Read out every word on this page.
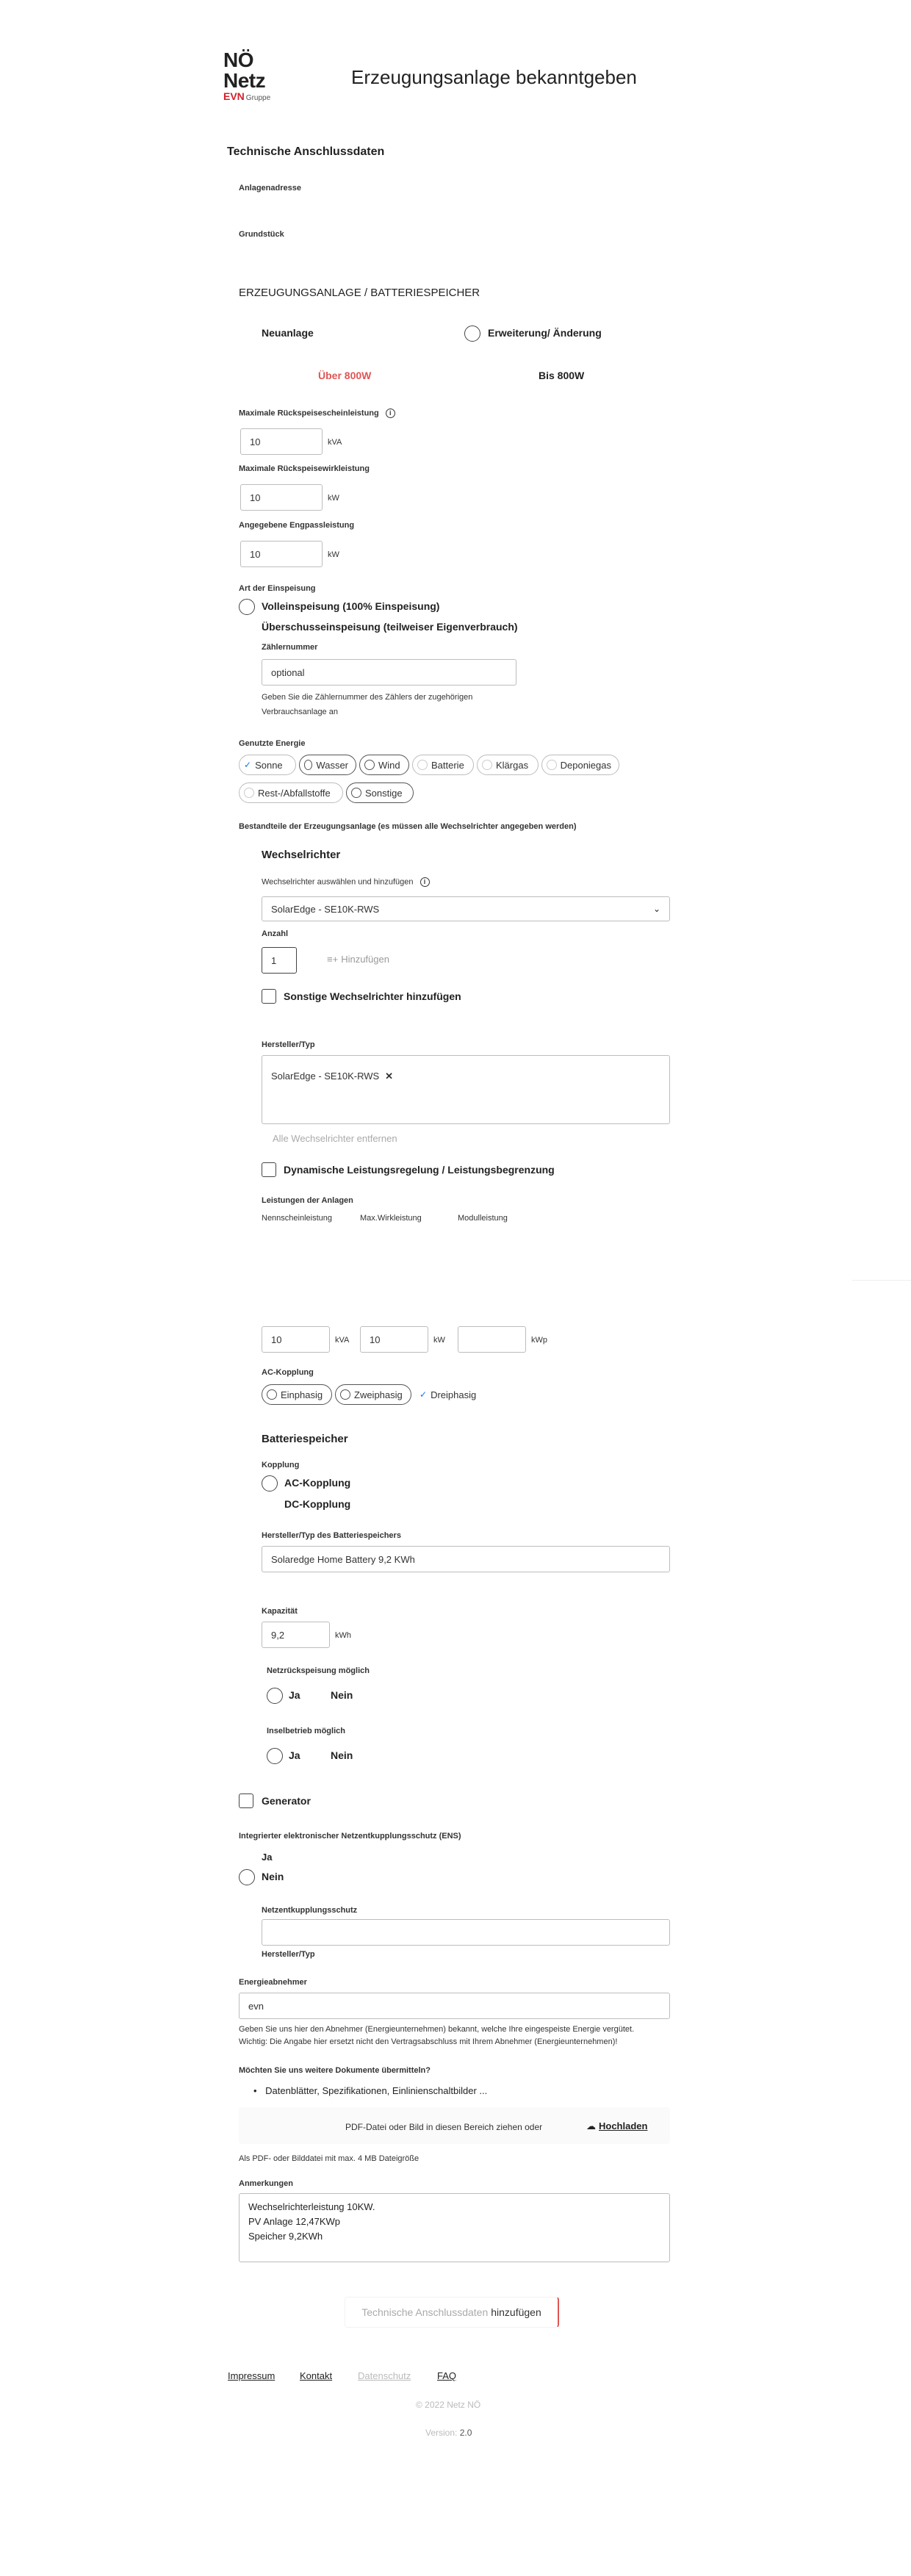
NÖ
Netz
EVN Gruppe
Erzeugungsanlage bekanntgeben
Technische Anschlussdaten
Anlagenadresse
Grundstück
ERZEUGUNGSANLAGE / BATTERIESPEICHER
Neuanlage	Erweiterung/ Änderung
Über 800W	Bis 800W
Maximale Rückspeisescheinleistung i
10	kVA
Maximale Rückspeisewirkleistung
10	kW
Angegebene Engpassleistung
10	kW
Art der Einspeisung
Volleinspeisung (100% Einspeisung)
Überschusseinspeisung (teilweiser Eigenverbrauch)
Zählernummer
optional
Geben Sie die Zählernummer des Zählers der zugehörigen
Verbrauchsanlage an
Genutzte Energie
✓ Sonne	Wasser	Wind	Batterie	Klärgas	Deponiegas
Rest-/Abfallstoffe	Sonstige
Bestandteile der Erzeugungsanlage (es müssen alle Wechselrichter angegeben werden)
Wechselrichter
Wechselrichter auswählen und hinzufügen i
SolarEdge - SE10K-RWS	⌄
Anzahl
1	≡+ Hinzufügen
Sonstige Wechselrichter hinzufügen
Hersteller/Typ
SolarEdge - SE10K-RWS ✕
Alle Wechselrichter entfernen
Dynamische Leistungsregelung / Leistungsbegrenzung
Leistungen der Anlagen
Nennscheinleistung	Max.Wirkleistung	Modulleistung
10	kVA	10	kW	kWp
AC-Kopplung
Einphasig	Zweiphasig ✓ Dreiphasig
Batteriespeicher
Kopplung
AC-Kopplung
DC-Kopplung
Hersteller/Typ des Batteriespeichers
Solaredge Home Battery 9,2 KWh
Kapazität
9,2	kWh
Netzrückspeisung möglich
Ja	Nein
Inselbetrieb möglich
Ja	Nein
Generator
Integrierter elektronischer Netzentkupplungsschutz (ENS)
Ja
Nein
Netzentkupplungsschutz
Hersteller/Typ
Energieabnehmer
evn
Geben Sie uns hier den Abnehmer (Energieunternehmen) bekannt, welche Ihre eingespeiste Energie vergütet.
Wichtig: Die Angabe hier ersetzt nicht den Vertragsabschluss mit Ihrem Abnehmer (Energieunternehmen)!
Möchten Sie uns weitere Dokumente übermitteln?
• Datenblätter, Spezifikationen, Einlinienschaltbilder ...
PDF-Datei oder Bild in diesen Bereich ziehen oder	☁ Hochladen
Als PDF- oder Bilddatei mit max. 4 MB Dateigröße
Anmerkungen
Wechselrichterleistung 10KW.
PV Anlage 12,47KWp
Speicher 9,2KWh
Technische Anschlussdaten hinzufügen
Impressum	Kontakt	Datenschutz	FAQ
© 2022 Netz NÖ
Version: 2.0
